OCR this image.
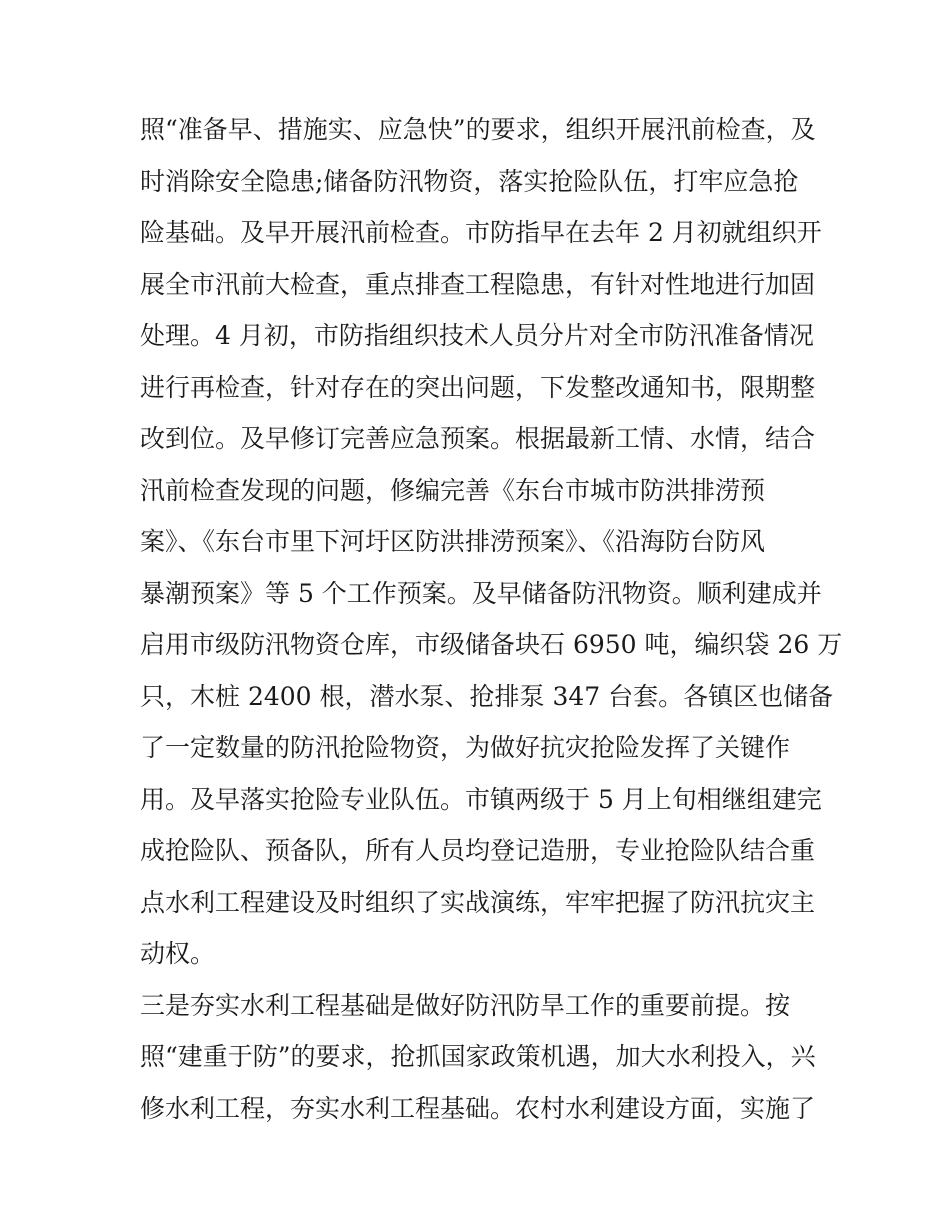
照“准备早、措施实、应急快”的要求，组织开展汛前检查，及
时消除安全隐患;储备防汛物资，落实抢险队伍，打牢应急抢
险基础。及早开展汛前检查。市防指早在去年 2 月初就组织开
展全市汛前大检查，重点排查工程隐患，有针对性地进行加固
处理。4 月初，市防指组织技术人员分片对全市防汛准备情况
进行再检查，针对存在的突出问题，下发整改通知书，限期整
改到位。及早修订完善应急预案。根据最新工情、水情，结合
汛前检查发现的问题，修编完善《东台市城市防洪排涝预
案》、《东台市里下河圩区防洪排涝预案》、《沿海防台防风
暴潮预案》等 5 个工作预案。及早储备防汛物资。顺利建成并
启用市级防汛物资仓库，市级储备块石 6950 吨，编织袋 26 万
只，木桩 2400 根，潜水泵、抢排泵 347 台套。各镇区也储备
了一定数量的防汛抢险物资，为做好抗灾抢险发挥了关键作
用。及早落实抢险专业队伍。市镇两级于 5 月上旬相继组建完
成抢险队、预备队，所有人员均登记造册，专业抢险队结合重
点水利工程建设及时组织了实战演练，牢牢把握了防汛抗灾主
动权。
三是夯实水利工程基础是做好防汛防旱工作的重要前提。按
照“建重于防”的要求，抢抓国家政策机遇，加大水利投入，兴
修水利工程，夯实水利工程基础。农村水利建设方面，实施了
